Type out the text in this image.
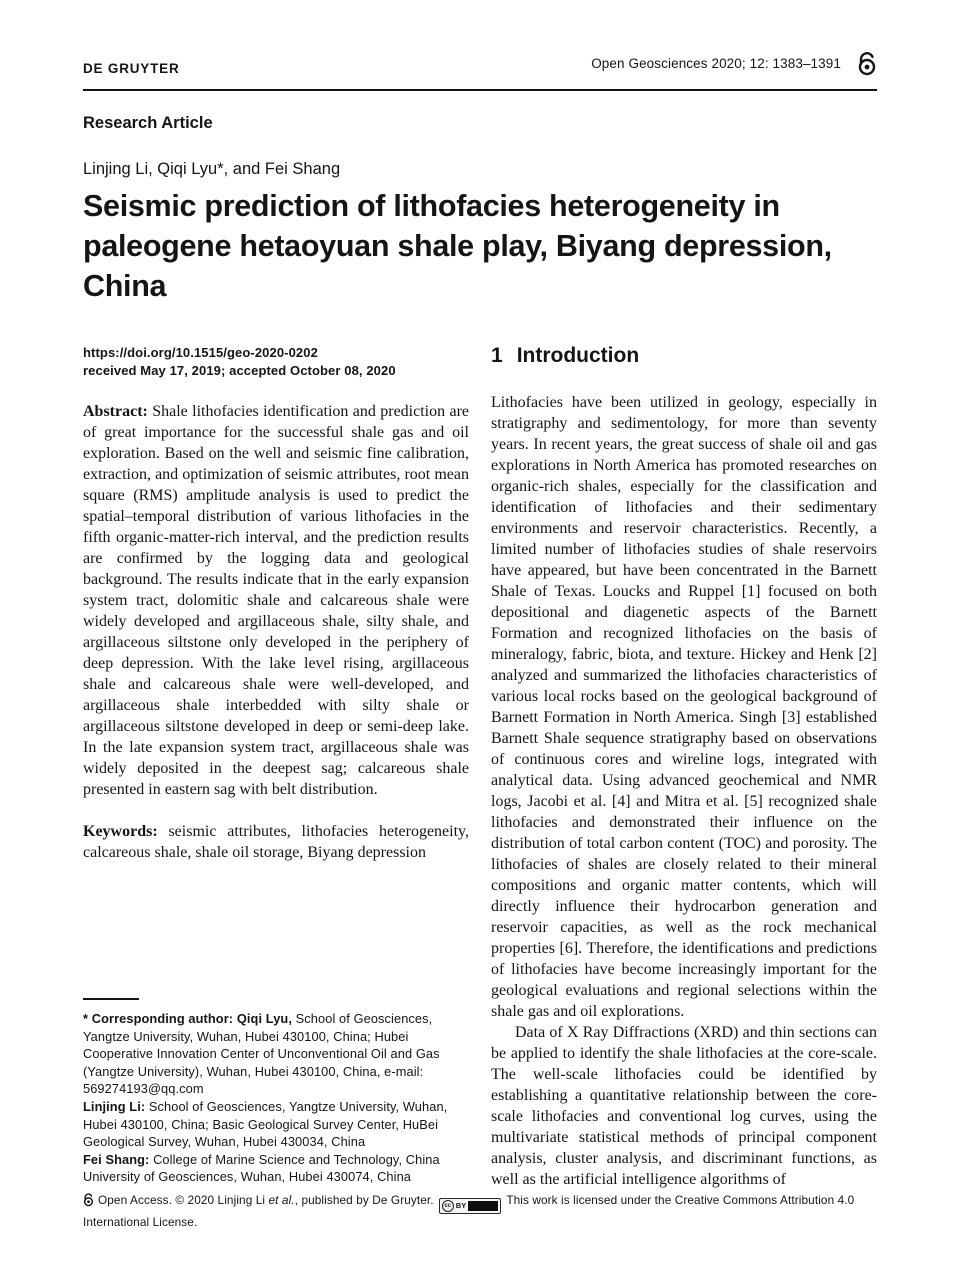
DE GRUYTER	Open Geosciences 2020; 12: 1383–1391
Research Article
Linjing Li, Qiqi Lyu*, and Fei Shang
Seismic prediction of lithofacies heterogeneity in paleogene hetaoyuan shale play, Biyang depression, China
https://doi.org/10.1515/geo-2020-0202
received May 17, 2019; accepted October 08, 2020

Abstract: Shale lithofacies identification and prediction are of great importance for the successful shale gas and oil exploration. Based on the well and seismic fine calibration, extraction, and optimization of seismic attributes, root mean square (RMS) amplitude analysis is used to predict the spatial–temporal distribution of various lithofacies in the fifth organic-matter-rich interval, and the prediction results are confirmed by the logging data and geological background. The results indicate that in the early expansion system tract, dolomitic shale and calcareous shale were widely developed and argillaceous shale, silty shale, and argillaceous siltstone only developed in the periphery of deep depression. With the lake level rising, argillaceous shale and calcareous shale were well-developed, and argillaceous shale interbedded with silty shale or argillaceous siltstone developed in deep or semi-deep lake. In the late expansion system tract, argillaceous shale was widely deposited in the deepest sag; calcareous shale presented in eastern sag with belt distribution.

Keywords: seismic attributes, lithofacies heterogeneity, calcareous shale, shale oil storage, Biyang depression

* Corresponding author: Qiqi Lyu, School of Geosciences, Yangtze University, Wuhan, Hubei 430100, China; Hubei Cooperative Innovation Center of Unconventional Oil and Gas (Yangtze University), Wuhan, Hubei 430100, China, e-mail: 569274193@qq.com

Linjing Li: School of Geosciences, Yangtze University, Wuhan, Hubei 430100, China; Basic Geological Survey Center, HuBei Geological Survey, Wuhan, Hubei 430034, China

Fei Shang: College of Marine Science and Technology, China University of Geosciences, Wuhan, Hubei 430074, China

1 Introduction

Lithofacies have been utilized in geology, especially in stratigraphy and sedimentology, for more than seventy years. In recent years, the great success of shale oil and gas explorations in North America has promoted researches on organic-rich shales, especially for the classification and identification of lithofacies and their sedimentary environments and reservoir characteristics. Recently, a limited number of lithofacies studies of shale reservoirs have appeared, but have been concentrated in the Barnett Shale of Texas. Loucks and Ruppel [1] focused on both depositional and diagenetic aspects of the Barnett Formation and recognized lithofacies on the basis of mineralogy, fabric, biota, and texture. Hickey and Henk [2] analyzed and summarized the lithofacies characteristics of various local rocks based on the geological background of Barnett Formation in North America. Singh [3] established Barnett Shale sequence stratigraphy based on observations of continuous cores and wireline logs, integrated with analytical data. Using advanced geochemical and NMR logs, Jacobi et al. [4] and Mitra et al. [5] recognized shale lithofacies and demonstrated their influence on the distribution of total carbon content (TOC) and porosity. The lithofacies of shales are closely related to their mineral compositions and organic matter contents, which will directly influence their hydrocarbon generation and reservoir capacities, as well as the rock mechanical properties [6]. Therefore, the identifications and predictions of lithofacies have become increasingly important for the geological evaluations and regional selections within the shale gas and oil explorations.

Data of X Ray Diffractions (XRD) and thin sections can be applied to identify the shale lithofacies at the core-scale. The well-scale lithofacies could be identified by establishing a quantitative relationship between the core-scale lithofacies and conventional log curves, using the multivariate statistical methods of principal component analysis, cluster analysis, and discriminant functions, as well as the artificial intelligence algorithms of

Open Access. © 2020 Linjing Li et al., published by De Gruyter.	cc BY	This work is licensed under the Creative Commons Attribution 4.0 International License.
